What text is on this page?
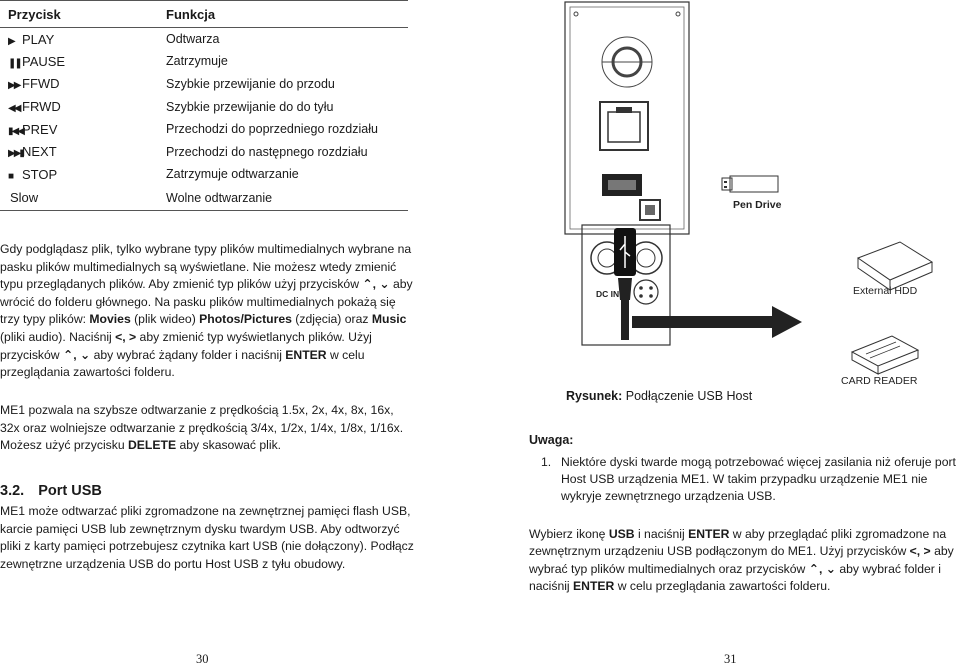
Przycisk	Funkcja
▶ PLAY	Odtwarza
❚❚PAUSE	Zatrzymuje
▶▶ FFWD	Szybkie przewijanie do przodu
◀◀ FRWD	Szybkie przewijanie do do tyłu
▮◀◀PREV	Przechodzi do poprzedniego rozdziału
▶▶▮NEXT	Przechodzi do następnego rozdziału
■ STOP	Zatrzymuje odtwarzanie
Slow	Wolne odtwarzanie

Gdy podglądasz plik, tylko wybrane typy plików multimedialnych wybrane na pasku plików multimedialnych są wyświetlane. Nie możesz wtedy zmienić typu przeglądanych plików. Aby zmienić typ plików użyj przycisków ⌃, ⌄ aby wrócić do folderu głównego. Na pasku plików multimedialnych pokażą się trzy typy plików: Movies (plik wideo) Photos/Pictures (zdjęcia) oraz Music (pliki audio). Naciśnij <, > aby zmienić typ wyświetlanych plików. Użyj przycisków ⌃, ⌄ aby wybrać żądany folder i naciśnij ENTER w celu przeglądania zawartości folderu.

ME1 pozwala na szybsze odtwarzanie z prędkością 1.5x, 2x, 4x, 8x, 16x, 32x oraz wolniejsze odtwarzanie z prędkością 3/4x, 1/2x, 1/4x, 1/8x, 1/16x. Możesz użyć przycisku DELETE aby skasować plik.

3.2. Port USB

ME1 może odtwarzać pliki zgromadzone na zewnętrznej pamięci flash USB, karcie pamięci USB lub zewnętrznym dysku twardym USB. Aby odtworzyć pliki z karty pamięci potrzebujesz czytnika kart USB (nie dołączony). Podłącz zewnętrzne urządzenia USB do portu Host USB z tyłu obudowy.

30
Pen Drive
DC IN	External HDD
CARD READER
Rysunek: Podłączenie USB Host
Uwaga:
1. Niektóre dyski twarde mogą potrzebować więcej zasilania niż oferuje port Host USB urządzenia ME1. W takim przypadku urządzenie ME1 nie wykryje zewnętrznego urządzenia USB.

Wybierz ikonę USB i naciśnij ENTER w aby przeglądać pliki zgromadzone na zewnętrznym urządzeniu USB podłączonym do ME1. Użyj przycisków <, > aby wybrać typ plików multimedialnych oraz przycisków ⌃, ⌄ aby wybrać folder i naciśnij ENTER w celu przeglądania zawartości folderu.

31
